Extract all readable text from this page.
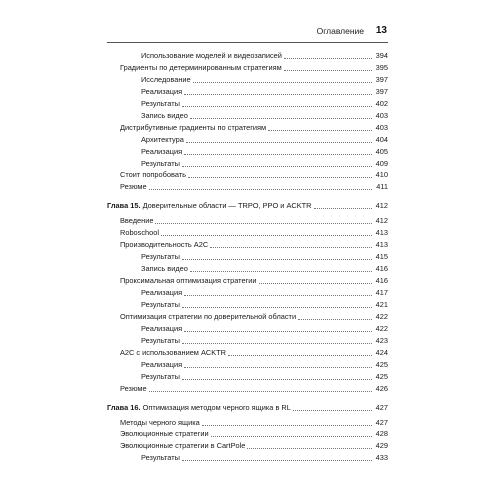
Оглавление 13
Использование моделей и видеозаписей	394
Градиенты по детерминированным стратегиям	395
Исследование	397
Реализация	397
Результаты	402
Запись видео	403
Дистрибутивные градиенты по стратегиям	403
Архитектура	404
Реализация	405
Результаты	409
Стоит попробовать	410
Резюме	411
Глава 15. Доверительные области — TRPO, PPO и ACKTR	412
Введение	412
Roboschool	413
Производительность A2C	413
Результаты	415
Запись видео	416
Проксимальная оптимизация стратегии	416
Реализация	417
Результаты	421
Оптимизация стратегии по доверительной области	422
Реализация	422
Результаты	423
A2C с использованием ACKTR	424
Реализация	425
Результаты	425
Резюме	426
Глава 16. Оптимизация методом черного ящика в RL	427
Методы черного ящика	427
Эволюционные стратегии	428
Эволюционные стратегии в CartPole	429
Результаты	433
